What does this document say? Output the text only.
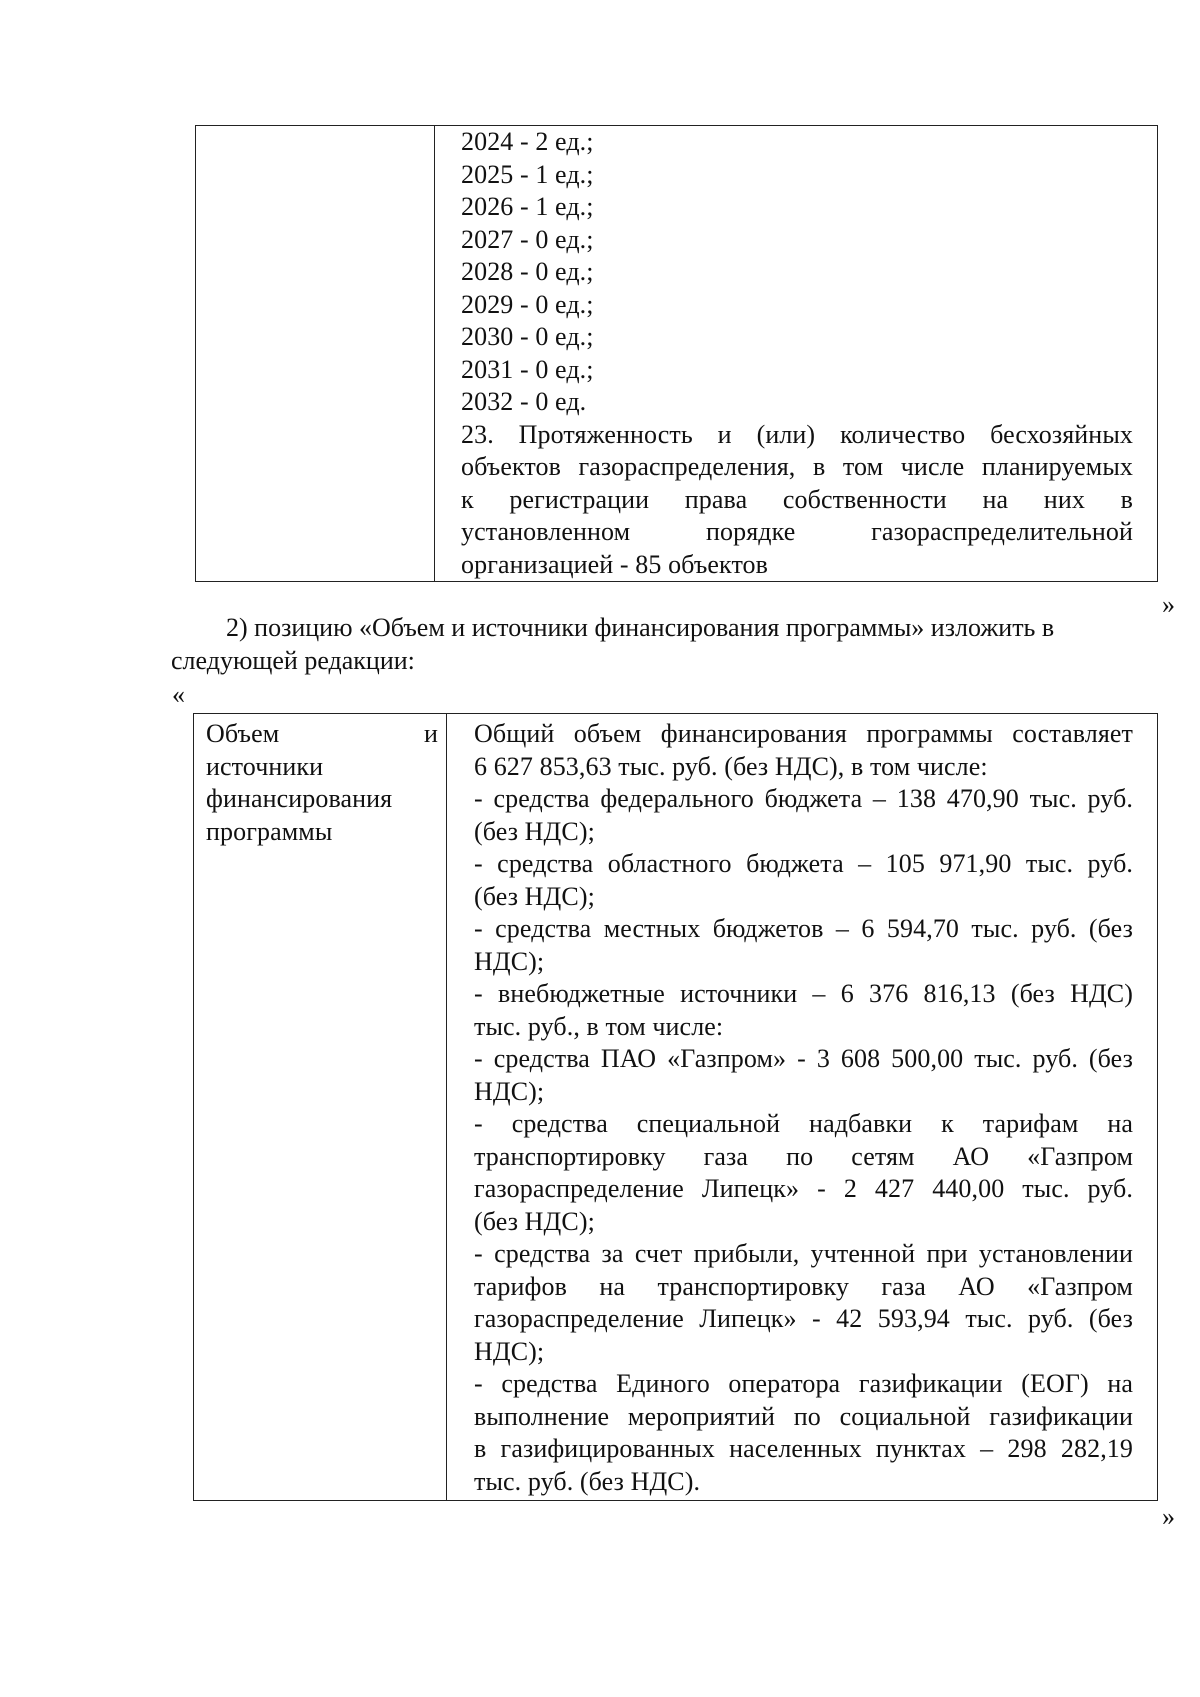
2024 - 2 ед.;
2025 - 1 ед.;
2026 - 1 ед.;
2027 - 0 ед.;
2028 - 0 ед.;
2029 - 0 ед.;
2030 - 0 ед.;
2031 - 0 ед.;
2032 - 0 ед.
23. Протяженность и (или) количество бесхозяйных
объектов газораспределения, в том числе планируемых
к регистрации права собственности на них в
установленном порядке газораспределительной
организацией - 85 объектов
»
2) позицию «Объем и источники финансирования программы» изложить в
следующей редакции:
«
Объем	и
источники
финансирования
программы

Общий объем финансирования программы составляет
6 627 853,63 тыс. руб. (без НДС), в том числе:
- средства федерального бюджета – 138 470,90 тыс. руб.
(без НДС);
- средства областного бюджета – 105 971,90 тыс. руб.
(без НДС);
- средства местных бюджетов – 6 594,70 тыс. руб. (без
НДС);
- внебюджетные источники – 6 376 816,13 (без НДС)
тыс. руб., в том числе:
- средства ПАО «Газпром» - 3 608 500,00 тыс. руб. (без
НДС);
- средства специальной надбавки к тарифам на
транспортировку газа по сетям АО «Газпром
газораспределение Липецк» - 2 427 440,00 тыс. руб.
(без НДС);
- средства за счет прибыли, учтенной при установлении
тарифов на транспортировку газа АО «Газпром
газораспределение Липецк» - 42 593,94 тыс. руб. (без
НДС);
- средства Единого оператора газификации (ЕОГ) на
выполнение мероприятий по социальной газификации
в газифицированных населенных пунктах – 298 282,19
тыс. руб. (без НДС).
»
